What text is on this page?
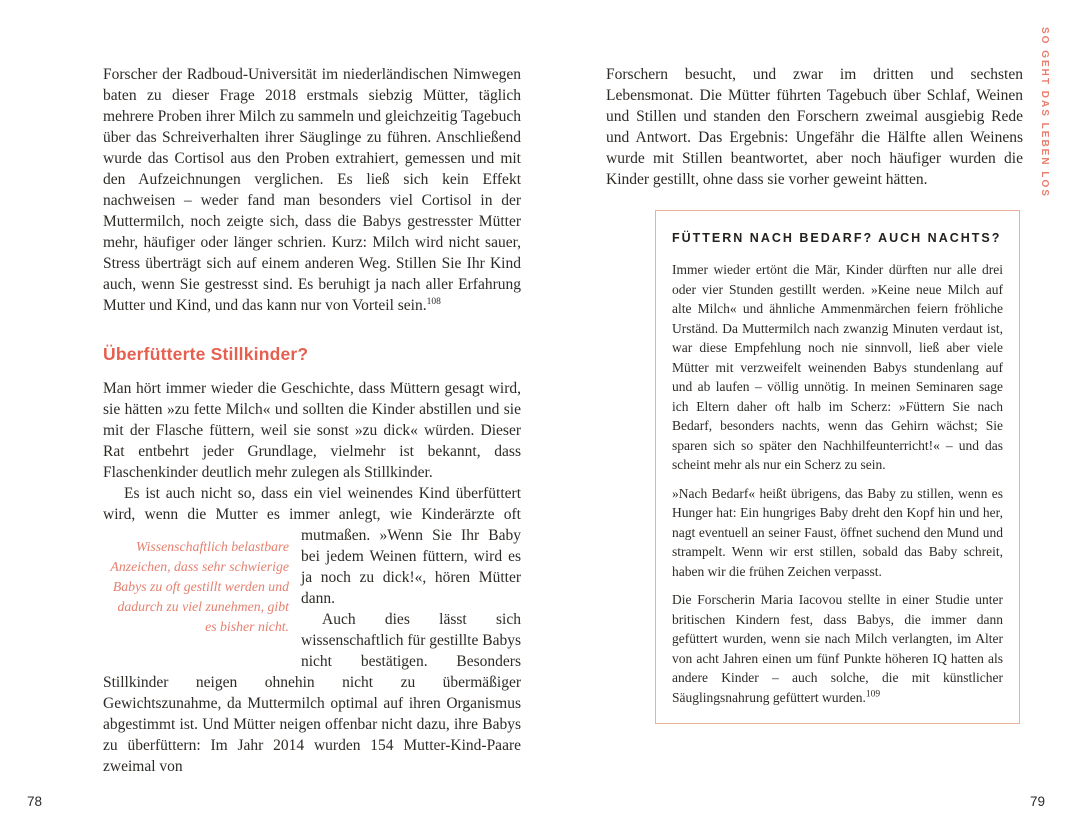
SO GEHT DAS LEBEN LOS

Forscher der Radboud-Universität im niederländischen Nimwegen baten zu dieser Frage 2018 erstmals siebzig Mütter, täglich mehrere Proben ihrer Milch zu sammeln und gleichzeitig Tagebuch über das Schreiverhalten ihrer Säuglinge zu führen. Anschließend wurde das Cortisol aus den Proben extrahiert, gemessen und mit den Aufzeichnungen verglichen. Es ließ sich kein Effekt nachweisen – weder fand man besonders viel Cortisol in der Muttermilch, noch zeigte sich, dass die Babys gestresster Mütter mehr, häufiger oder länger schrien. Kurz: Milch wird nicht sauer, Stress überträgt sich auf einem anderen Weg. Stillen Sie Ihr Kind auch, wenn Sie gestresst sind. Es beruhigt ja nach aller Erfahrung Mutter und Kind, und das kann nur von Vorteil sein.$^{108}$

Überfütterte Stillkinder?

Man hört immer wieder die Geschichte, dass Müttern gesagt wird, sie hätten »zu fette Milch« und sollten die Kinder abstillen und sie mit der Flasche füttern, weil sie sonst »zu dick« würden. Dieser Rat entbehrt jeder Grundlage, vielmehr ist bekannt, dass Flaschenkinder deutlich mehr zulegen als Stillkinder.

Wissenschaftlich belastbare Anzeichen, dass sehr schwierige Babys zu oft gestillt werden und dadurch zu viel zunehmen, gibt es bisher nicht.

Es ist auch nicht so, dass ein viel weinendes Kind überfüttert wird, wenn die Mutter es immer anlegt, wie Kinderärzte oft mutmaßen. »Wenn Sie Ihr Baby bei jedem Weinen füttern, wird es ja noch zu dick!«, hören Mütter dann.

Auch dies lässt sich wissenschaftlich für gestillte Babys nicht bestätigen. Besonders Stillkinder neigen ohnehin nicht zu übermäßiger Gewichtszunahme, da Muttermilch optimal auf ihren Organismus abgestimmt ist. Und Mütter neigen offenbar nicht dazu, ihre Babys zu überfüttern: Im Jahr 2014 wurden 154 Mutter-Kind-Paare zweimal von

Forschern besucht, und zwar im dritten und sechsten Lebensmonat. Die Mütter führten Tagebuch über Schlaf, Weinen und Stillen und standen den Forschern zweimal ausgiebig Rede und Antwort. Das Ergebnis: Ungefähr die Hälfte allen Weinens wurde mit Stillen beantwortet, aber noch häufiger wurden die Kinder gestillt, ohne dass sie vorher geweint hätten.

FÜTTERN NACH BEDARF? AUCH NACHTS?

Immer wieder ertönt die Mär, Kinder dürften nur alle drei oder vier Stunden gestillt werden. »Keine neue Milch auf alte Milch« und ähnliche Ammenmärchen feiern fröhliche Urständ. Da Muttermilch nach zwanzig Minuten verdaut ist, war diese Empfehlung noch nie sinnvoll, ließ aber viele Mütter mit verzweifelt weinenden Babys stundenlang auf und ab laufen – völlig unnötig. In meinen Seminaren sage ich Eltern daher oft halb im Scherz: »Füttern Sie nach Bedarf, besonders nachts, wenn das Gehirn wächst; Sie sparen sich so später den Nachhilfeunterricht!« – und das scheint mehr als nur ein Scherz zu sein.

»Nach Bedarf« heißt übrigens, das Baby zu stillen, wenn es Hunger hat: Ein hungriges Baby dreht den Kopf hin und her, nagt eventuell an seiner Faust, öffnet suchend den Mund und strampelt. Wenn wir erst stillen, sobald das Baby schreit, haben wir die frühen Zeichen verpasst.

Die Forscherin Maria Iacovou stellte in einer Studie unter britischen Kindern fest, dass Babys, die immer dann gefüttert wurden, wenn sie nach Milch verlangten, im Alter von acht Jahren einen um fünf Punkte höheren IQ hatten als andere Kinder – auch solche, die mit künstlicher Säuglingsnahrung gefüttert wurden.$^{109}$

78	79
